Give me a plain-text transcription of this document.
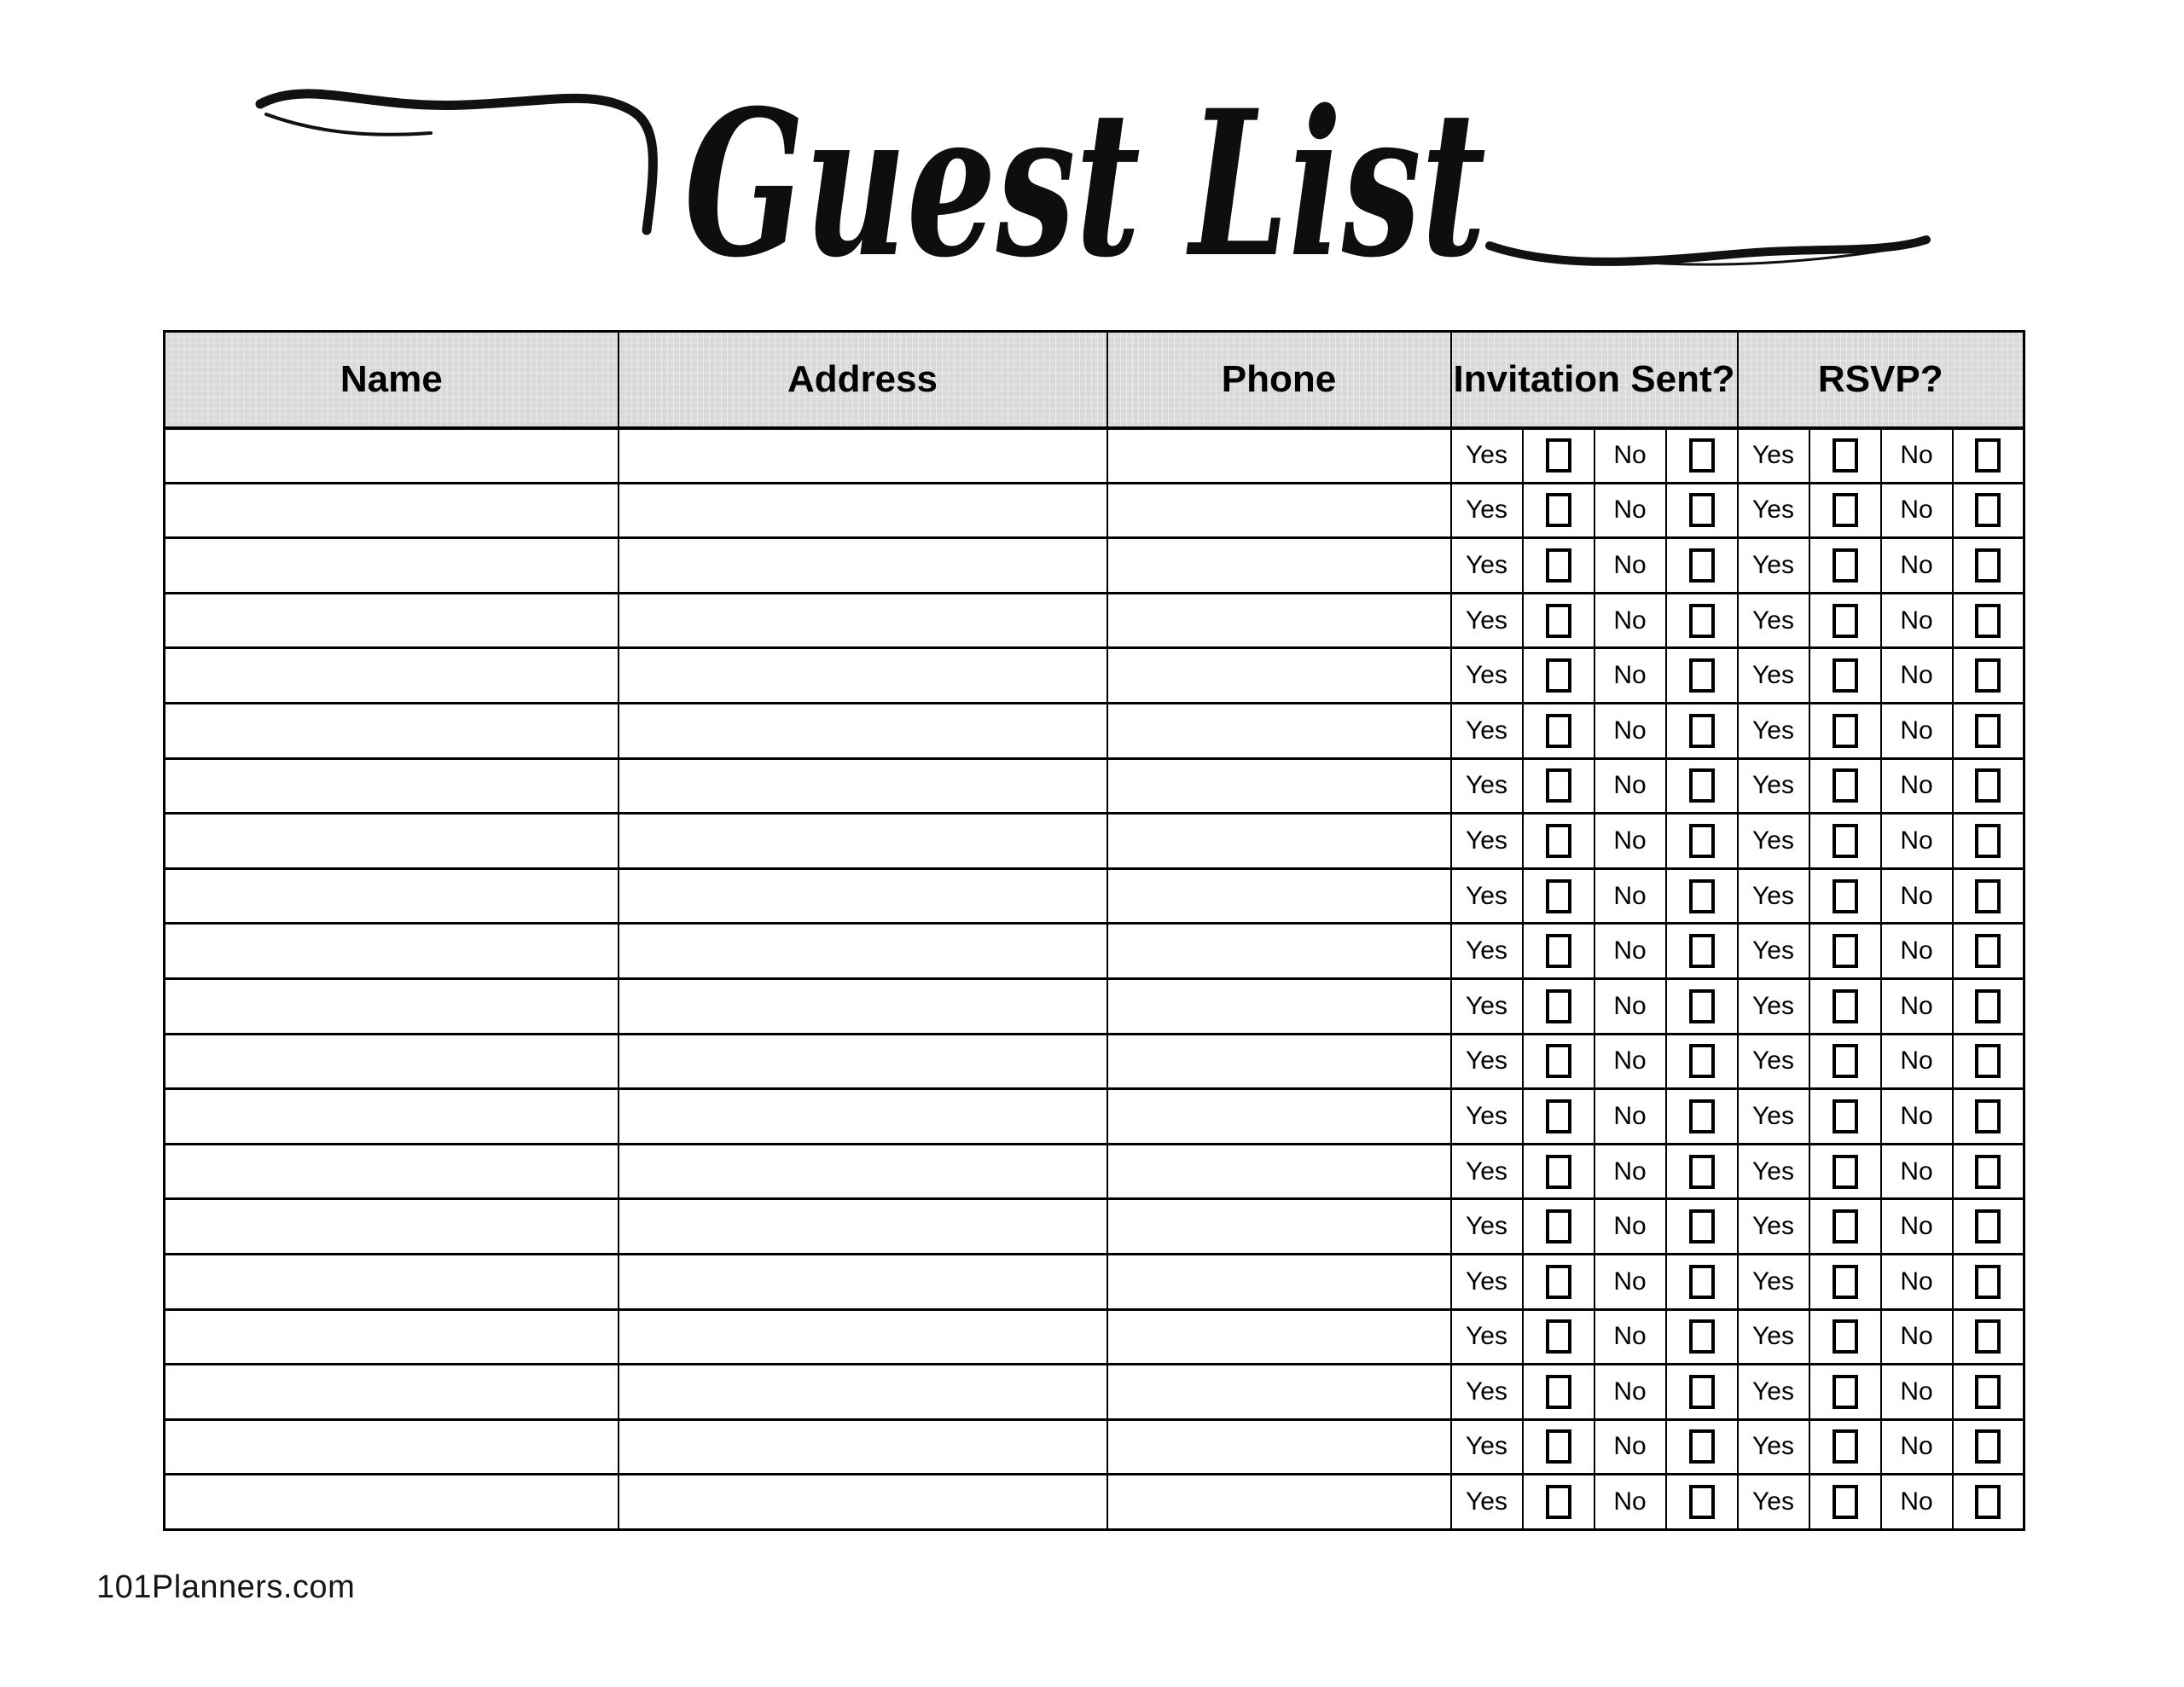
Guest List
Name	Address	Phone	Invitation Sent?				RSVP?			
			Yes		No		Yes		No	

			Yes		No		Yes		No	

			Yes		No		Yes		No	

			Yes		No		Yes		No	

			Yes		No		Yes		No	

			Yes		No		Yes		No	

			Yes		No		Yes		No	

			Yes		No		Yes		No	

			Yes		No		Yes		No	

			Yes		No		Yes		No	

			Yes		No		Yes		No	

			Yes		No		Yes		No	

			Yes		No		Yes		No	

			Yes		No		Yes		No	

			Yes		No		Yes		No	

			Yes		No		Yes		No	

			Yes		No		Yes		No	

			Yes		No		Yes		No	

			Yes		No		Yes		No	

			Yes		No		Yes		No	
101Planners.com
